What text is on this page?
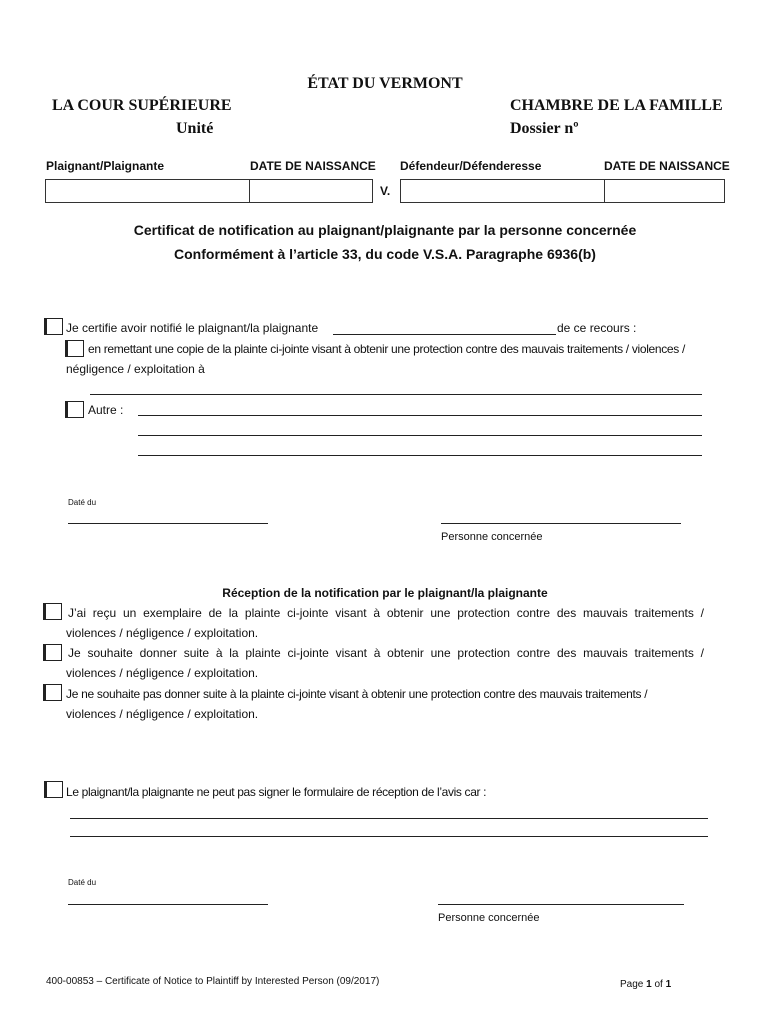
ÉTAT DU VERMONT
LA COUR SUPÉRIEURE
Unité
CHAMBRE DE LA FAMILLE
Dossier nº
Plaignant/Plaignante	DATE DE NAISSANCE Défendeur/Défenderesse	DATE DE NAISSANCE
V.
Certificat de notification au plaignant/plaignante par la personne concernée
Conformément à l’article 33, du code V.S.A. Paragraphe 6936(b)
Je certifie avoir notifié le plaignant/la plaignante	de ce recours :
en remettant une copie de la plainte ci-jointe visant à obtenir une protection contre des mauvais traitements / violences /
négligence / exploitation à
Autre :
Daté du
Personne concernée
Réception de la notification par le plaignant/la plaignante
J’ai reçu un exemplaire de la plainte ci-jointe visant à obtenir une protection contre des mauvais traitements /
violences / négligence / exploitation.
Je souhaite donner suite à la plainte ci-jointe visant à obtenir une protection contre des mauvais traitements /
violences / négligence / exploitation.
Je ne souhaite pas donner suite à la plainte ci-jointe visant à obtenir une protection contre des mauvais traitements /
violences / négligence / exploitation.
Le plaignant/la plaignante ne peut pas signer le formulaire de réception de l’avis car :
Daté du
Personne concernée
400-00853 – Certificate of Notice to Plaintiff by Interested Person (09/2017)	Page 1 of 1
